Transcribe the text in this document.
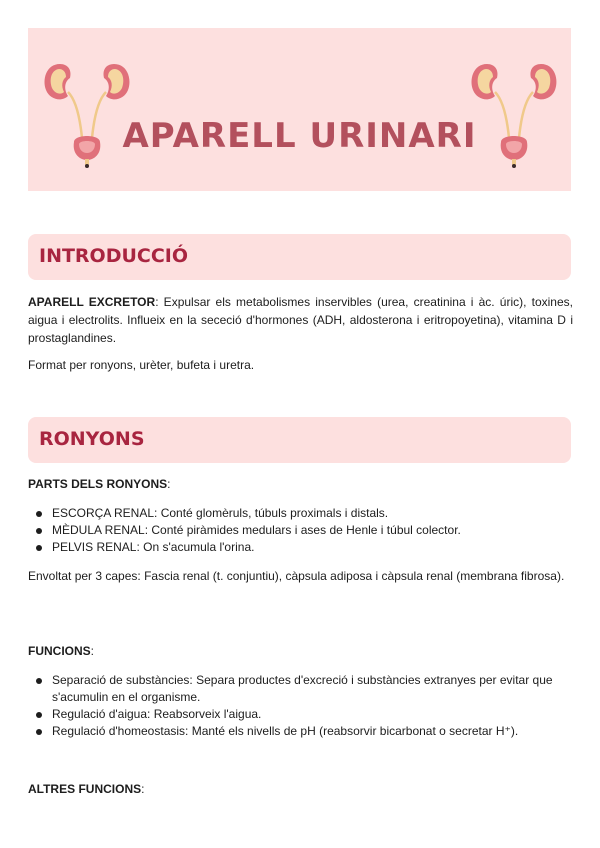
APARELL URINARI
INTRODUCCIÓ
APARELL EXCRETOR: Expulsar els metabolismes inservibles (urea, creatinina i àc. úric), toxines, aigua i electrolits. Influeix en la sececió d'hormones (ADH, aldosterona i eritropoyetina), vitamina D i prostaglandines.
Format per ronyons, urèter, bufeta i uretra.
RONYONS
PARTS DELS RONYONS:
ESCORÇA RENAL: Conté glomèruls, túbuls proximals i distals.
MÈDULA RENAL: Conté piràmides medulars i ases de Henle i túbul colector.
PELVIS RENAL: On s'acumula l'orina.
Envoltat per 3 capes: Fascia renal (t. conjuntiu), càpsula adiposa i càpsula renal (membrana fibrosa).
FUNCIONS:
Separació de substàncies: Separa productes d'excreció i substàncies extranyes per evitar que s'acumulin en el organisme.
Regulació d'aigua: Reabsorveix l'aigua.
Regulació d'homeostasis: Manté els nivells de pH (reabsorvir bicarbonat o secretar H⁺).
ALTRES FUNCIONS:
